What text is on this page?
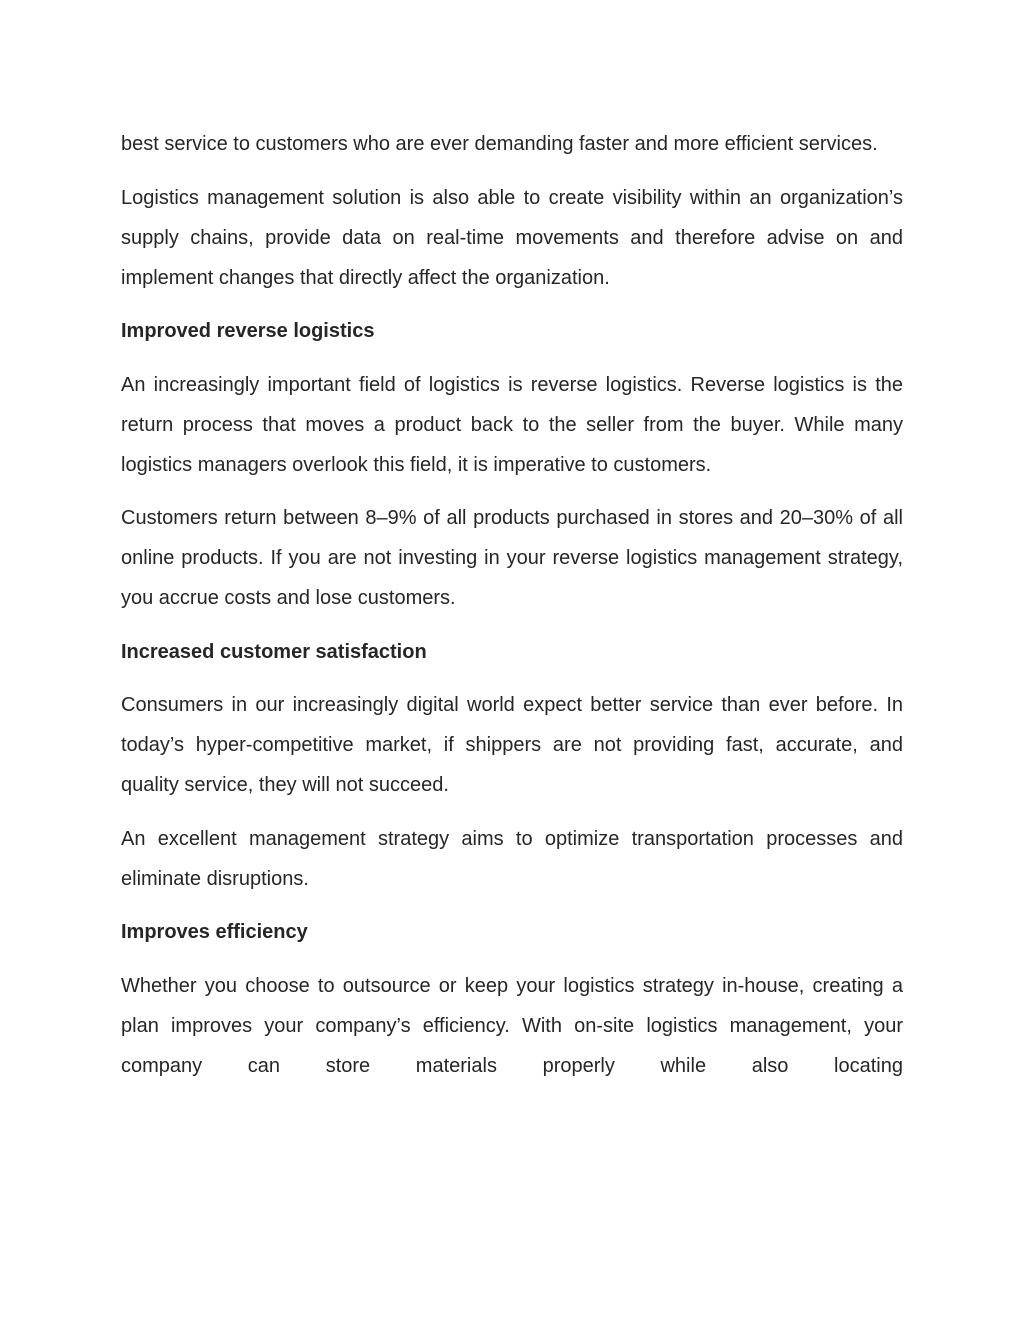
best service to customers who are ever demanding faster and more efficient services.

Logistics management solution is also able to create visibility within an organization’s supply chains, provide data on real-time movements and therefore advise on and implement changes that directly affect the organization.

Improved reverse logistics

An increasingly important field of logistics is reverse logistics. Reverse logistics is the return process that moves a product back to the seller from the buyer. While many logistics managers overlook this field, it is imperative to customers.

Customers return between 8–9% of all products purchased in stores and 20–30% of all online products. If you are not investing in your reverse logistics management strategy, you accrue costs and lose customers.

Increased customer satisfaction

Consumers in our increasingly digital world expect better service than ever before. In today’s hyper-competitive market, if shippers are not providing fast, accurate, and quality service, they will not succeed.

An excellent management strategy aims to optimize transportation processes and eliminate disruptions.

Improves efficiency

Whether you choose to outsource or keep your logistics strategy in-house, creating a plan improves your company’s efficiency. With on-site logistics management, your company can store materials properly while also locating
